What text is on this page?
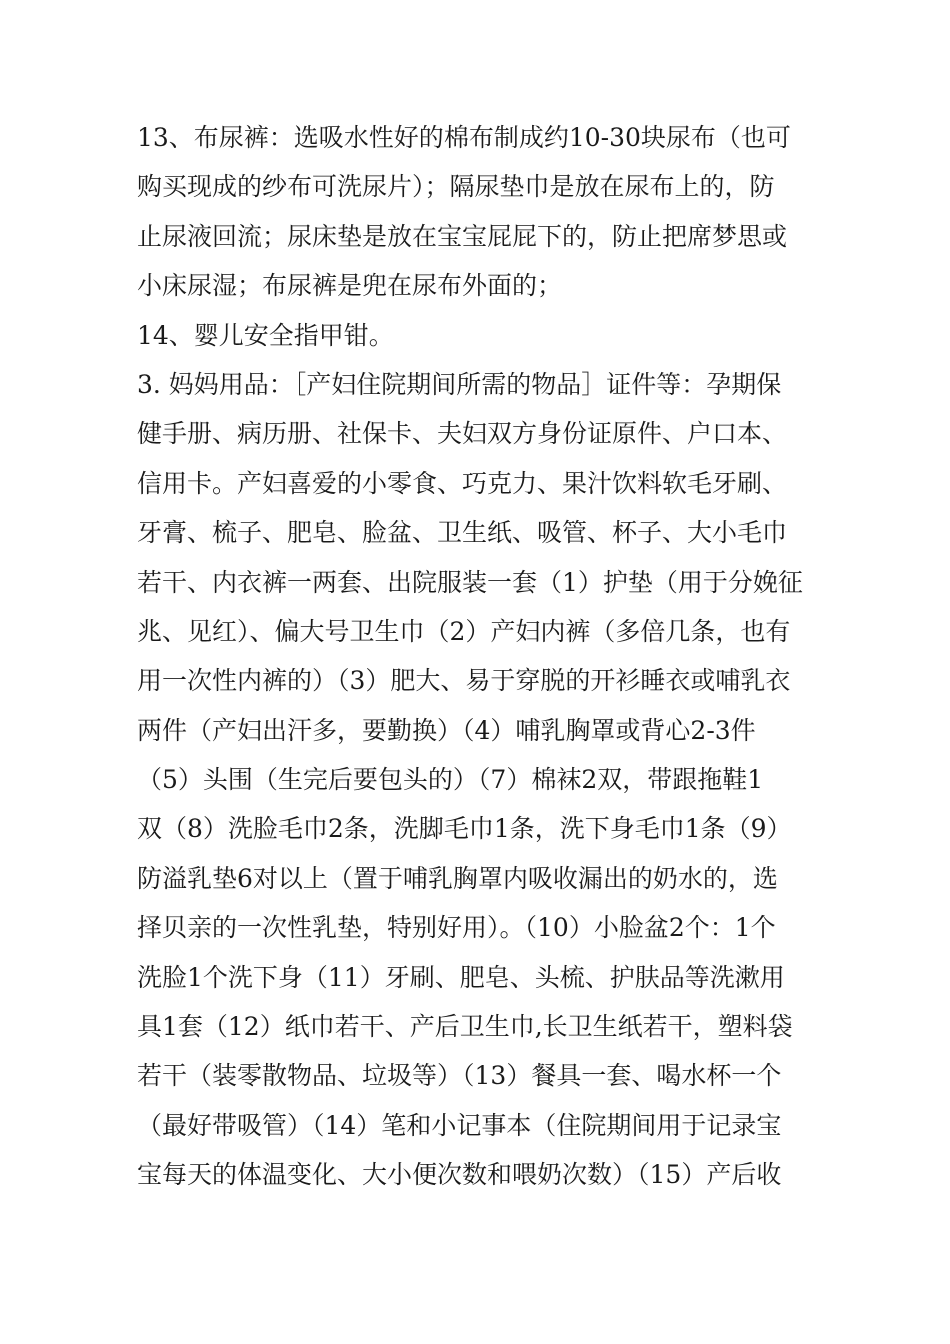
13、布尿裤：选吸水性好的棉布制成约10-30块尿布（也可
购买现成的纱布可洗尿片）；隔尿垫巾是放在尿布上的，防
止尿液回流；尿床垫是放在宝宝屁屁下的，防止把席梦思或
小床尿湿；布尿裤是兜在尿布外面的；
14、婴儿安全指甲钳。
3. 妈妈用品：［产妇住院期间所需的物品］证件等：孕期保
健手册、病历册、社保卡、夫妇双方身份证原件、户口本、
信用卡。产妇喜爱的小零食、巧克力、果汁饮料软毛牙刷、
牙膏、梳子、肥皂、脸盆、卫生纸、吸管、杯子、大小毛巾
若干、内衣裤一两套、出院服装一套（1）护垫（用于分娩征
兆、见红）、偏大号卫生巾（2）产妇内裤（多倍几条，也有
用一次性内裤的）（3）肥大、易于穿脱的开衫睡衣或哺乳衣
两件（产妇出汗多，要勤换）（4）哺乳胸罩或背心2-3件
（5）头围（生完后要包头的）（7）棉袜2双，带跟拖鞋1
双（8）洗脸毛巾2条，洗脚毛巾1条，洗下身毛巾1条（9）
防溢乳垫6对以上（置于哺乳胸罩内吸收漏出的奶水的，选
择贝亲的一次性乳垫，特别好用）。（10）小脸盆2个：1个
洗脸1个洗下身（11）牙刷、肥皂、头梳、护肤品等洗漱用
具1套（12）纸巾若干、产后卫生巾,长卫生纸若干，塑料袋
若干（装零散物品、垃圾等）（13）餐具一套、喝水杯一个
（最好带吸管）（14）笔和小记事本（住院期间用于记录宝
宝每天的体温变化、大小便次数和喂奶次数）（15）产后收
